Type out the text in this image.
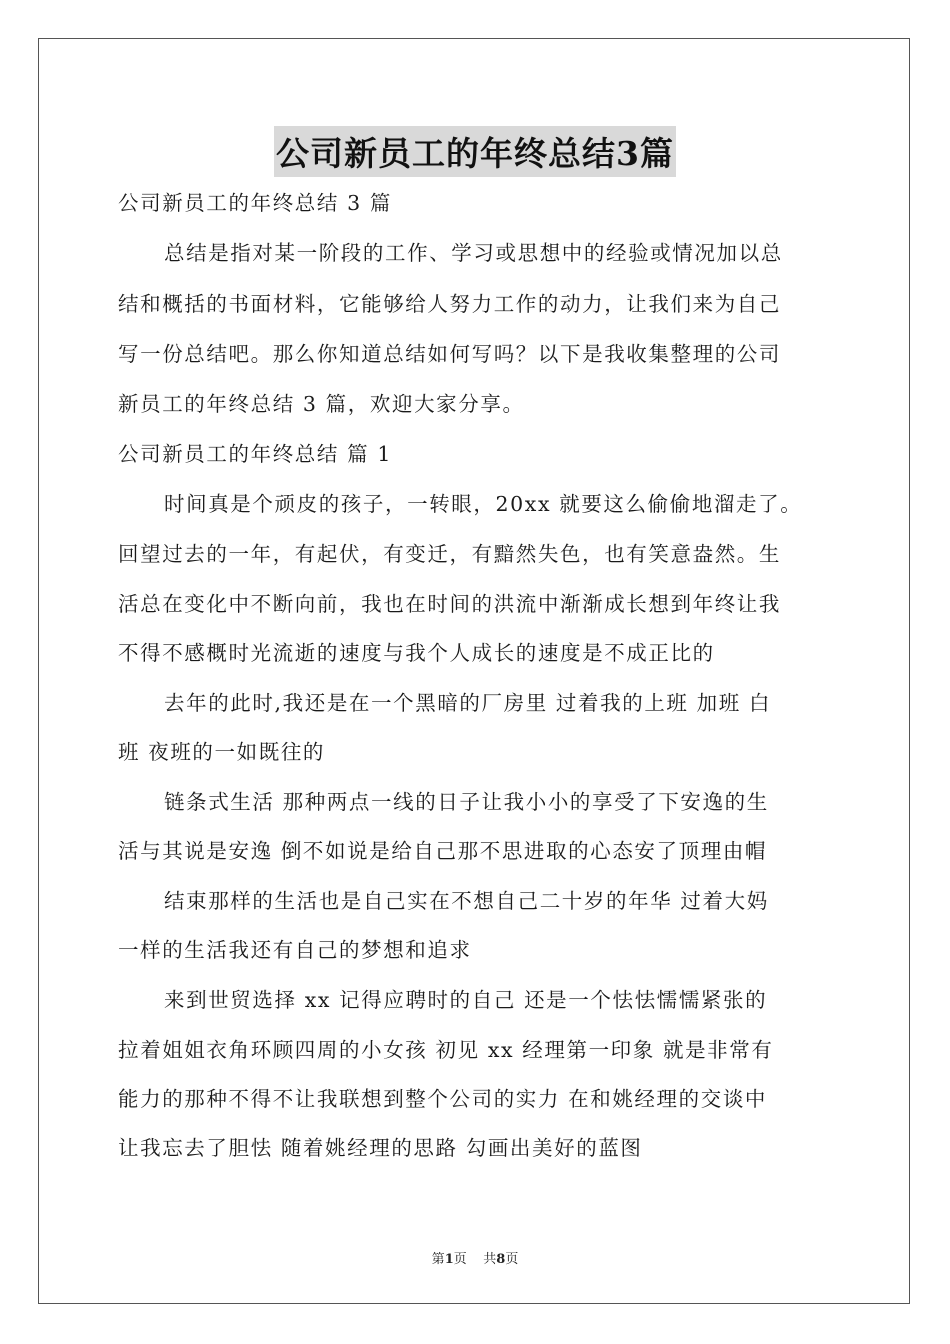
公司新员工的年终总结3篇
公司新员工的年终总结 3 篇
总结是指对某一阶段的工作、学习或思想中的经验或情况加以总
结和概括的书面材料，它能够给人努力工作的动力，让我们来为自己
写一份总结吧。那么你知道总结如何写吗？以下是我收集整理的公司
新员工的年终总结 3 篇，欢迎大家分享。
公司新员工的年终总结 篇 1
时间真是个顽皮的孩子，一转眼，20xx 就要这么偷偷地溜走了。
回望过去的一年，有起伏，有变迁，有黯然失色，也有笑意盎然。生
活总在变化中不断向前，我也在时间的洪流中渐渐成长想到年终让我
不得不感概时光流逝的速度与我个人成长的速度是不成正比的
去年的此时,我还是在一个黑暗的厂房里 过着我的上班 加班 白
班 夜班的一如既往的
链条式生活 那种两点一线的日子让我小小的享受了下安逸的生
活与其说是安逸 倒不如说是给自己那不思进取的心态安了顶理由帽
结束那样的生活也是自己实在不想自己二十岁的年华 过着大妈
一样的生活我还有自己的梦想和追求
来到世贸选择 xx 记得应聘时的自己 还是一个怯怯懦懦紧张的
拉着姐姐衣角环顾四周的小女孩 初见 xx 经理第一印象 就是非常有
能力的那种不得不让我联想到整个公司的实力 在和姚经理的交谈中
让我忘去了胆怯 随着姚经理的思路 勾画出美好的蓝图
第1页    共8页
